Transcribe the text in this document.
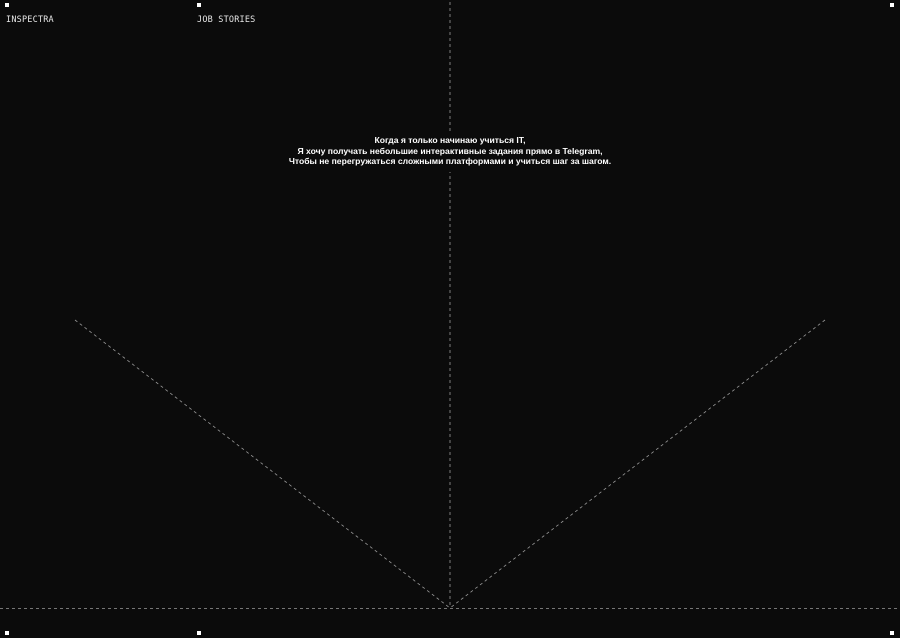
INSPECTRA	JOB STORIES

Когда я только начинаю учиться IT,
Я хочу получать небольшие интерактивные задания прямо в Telegram,
Чтобы не перегружаться сложными платформами и учиться шаг за шагом.
